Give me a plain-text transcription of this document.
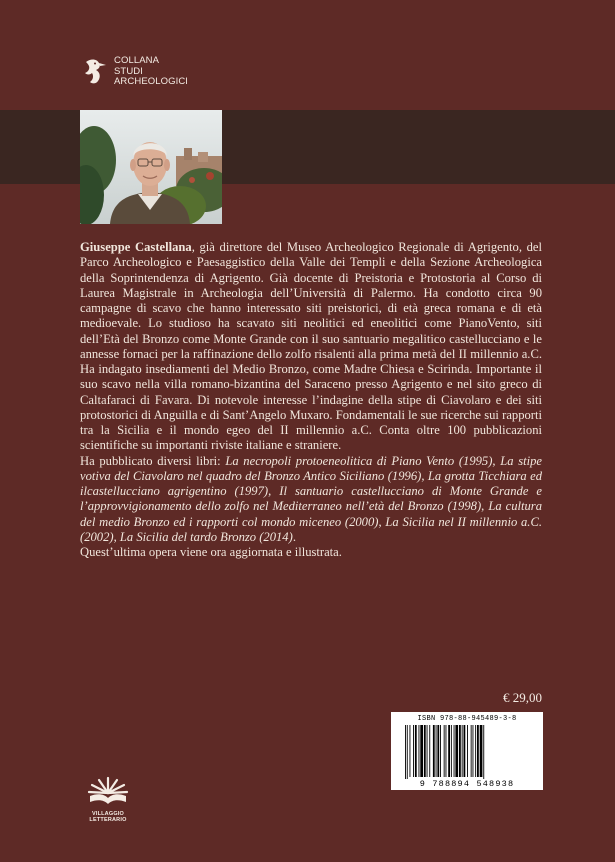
COLLANA
STUDI
ARCHEOLOGICI

Giuseppe Castellana, già direttore del Museo Archeologico Regionale di Agrigento, del Parco Archeologico e Paesaggistico della Valle dei Templi e della Sezione Archeologica della Soprintendenza di Agrigento. Già docente di Preistoria e Protostoria al Corso di Laurea Magistrale in Archeologia dell’Università di Palermo. Ha condotto circa 90 campagne di scavo che hanno interessato siti preistorici, di età greca romana e di età medioevale. Lo studioso ha scavato siti neolitici ed eneolitici come PianoVento, siti dell’Età del Bronzo come Monte Grande con il suo santuario megalitico castellucciano e le annesse fornaci per la raffinazione dello zolfo risalenti alla prima metà del II millennio a.C. Ha indagato insediamenti del Medio Bronzo, come Madre Chiesa e Scirinda. Importante il suo scavo nella villa romano-bizantina del Saraceno presso Agrigento e nel sito greco di Caltafaraci di Favara. Di notevole interesse l’indagine della stipe di Ciavolaro e dei siti protostorici di Anguilla e di Sant’Angelo Muxaro. Fondamentali le sue ricerche sui rapporti tra la Sicilia e il mondo egeo del II millennio a.C. Conta oltre 100 pubblicazioni scientifiche su importanti riviste italiane e straniere.

Ha pubblicato diversi libri: La necropoli protoeneolitica di Piano Vento (1995), La stipe votiva del Ciavolaro nel quadro del Bronzo Antico Siciliano (1996), La grotta Ticchiara ed ilcastellucciano agrigentino (1997), Il santuario castellucciano di Monte Grande e l’approvvigionamento dello zolfo nel Mediterraneo nell’età del Bronzo (1998), La cultura del medio Bronzo ed i rapporti col mondo miceneo (2000), La Sicilia nel II millennio a.C. (2002), La Sicilia del tardo Bronzo (2014).

Quest’ultima opera viene ora aggiornata e illustrata.

€ 29,00
ISBN 978-88-945489-3-8
9 788894 548938
VILLAGGIO LETTERARIO
